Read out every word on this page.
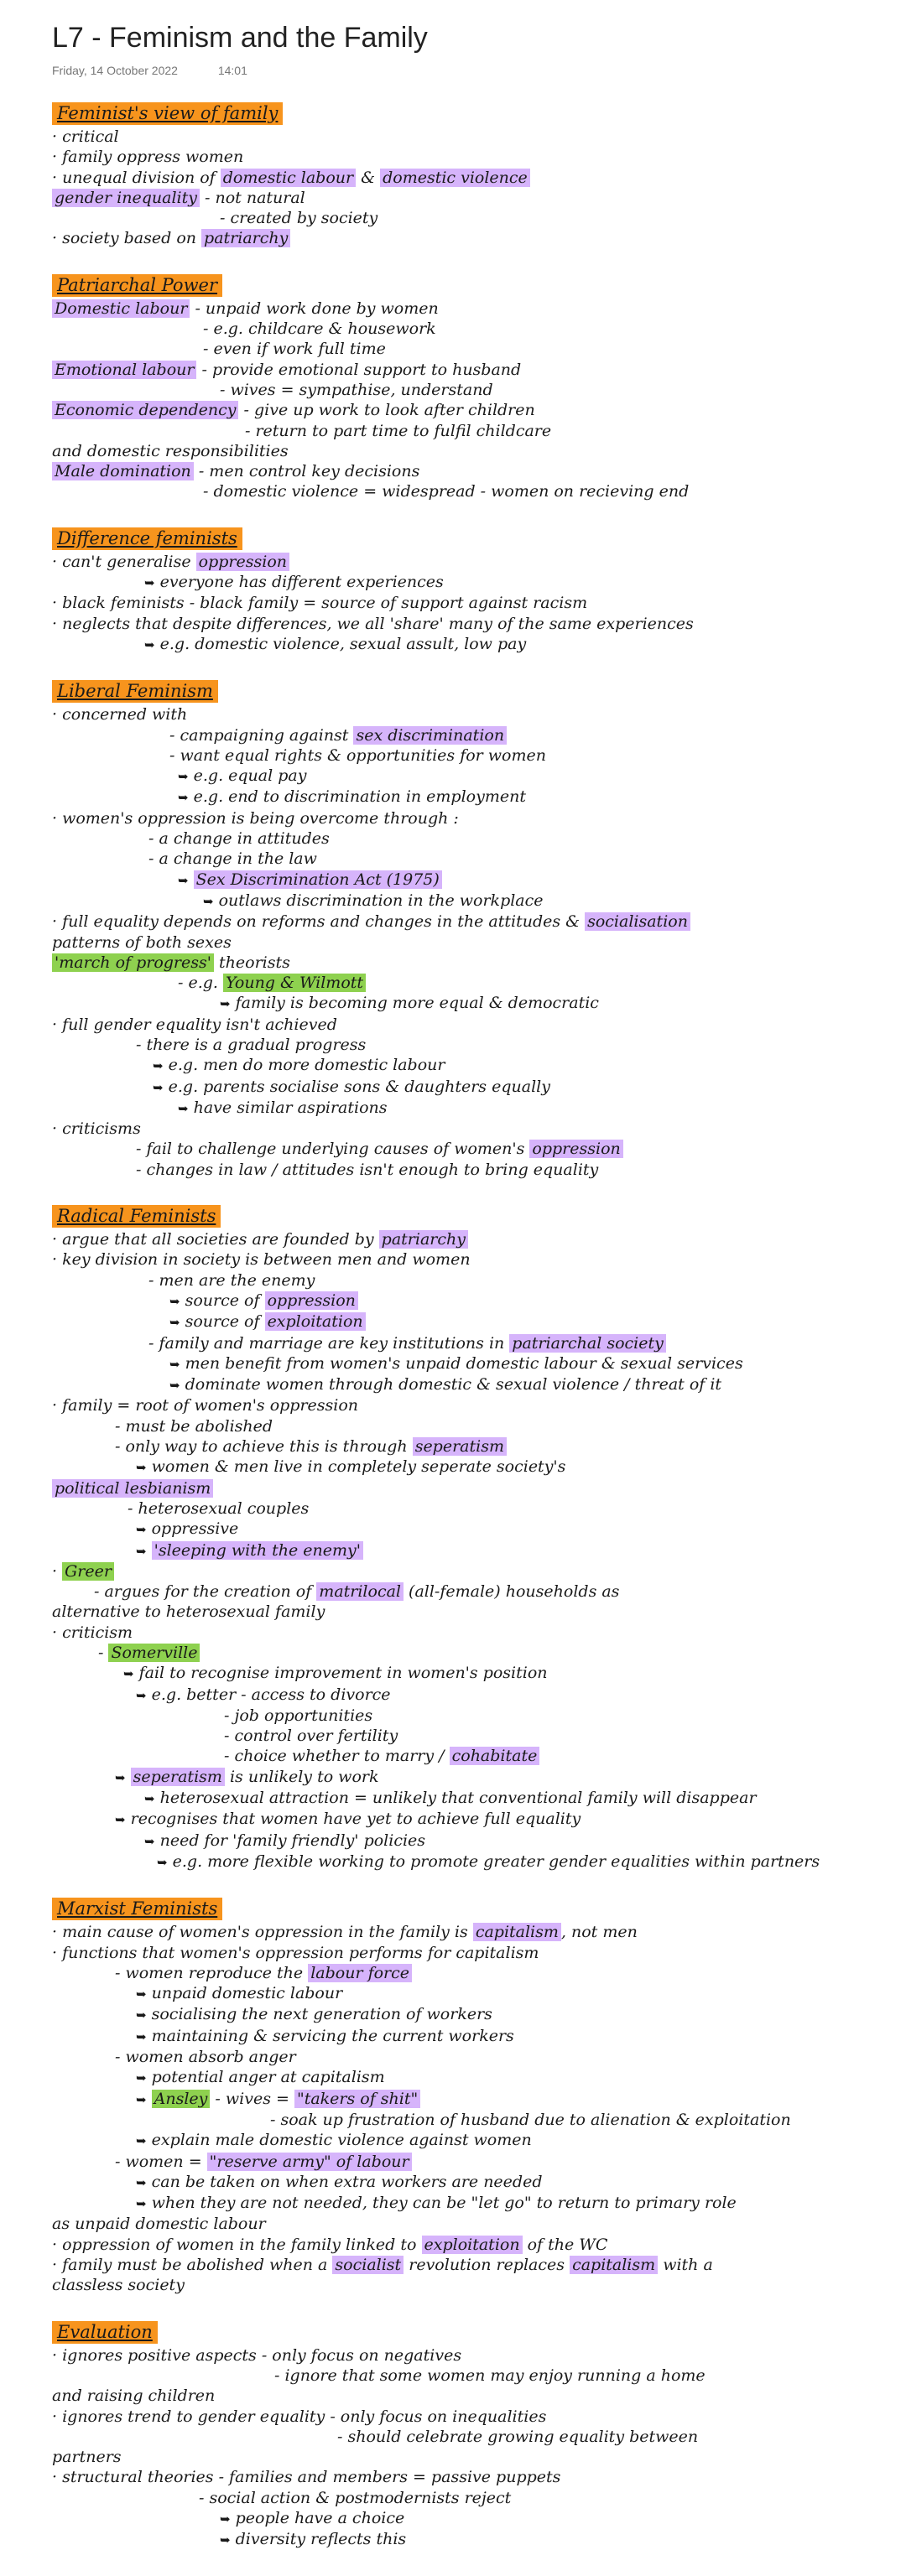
L7 - Feminism and the Family
Friday, 14 October 2022	14:01
Feminist's view of family
· critical
· family oppress women
· unequal division of domestic labour & domestic violence
gender inequality - not natural
- created by society
· society based on patriarchy
Patriarchal Power
Domestic labour - unpaid work done by women
- e.g. childcare & housework
- even if work full time
Emotional labour - provide emotional support to husband
- wives = sympathise, understand
Economic dependency - give up work to look after children
- return to part time to fulfil childcare
and domestic responsibilities
Male domination - men control key decisions
- domestic violence = widespread - women on recieving end
Difference feminists
· can't generalise oppression
➥ everyone has different experiences
· black feminists - black family = source of support against racism
· neglects that despite differences, we all 'share' many of the same experiences
➥ e.g. domestic violence, sexual assult, low pay
Liberal Feminism
· concerned with
- campaigning against sex discrimination
- want equal rights & opportunities for women
➥ e.g. equal pay
➥ e.g. end to discrimination in employment
· women's oppression is being overcome through :
- a change in attitudes
- a change in the law
➥ Sex Discrimination Act (1975)
➥ outlaws discrimination in the workplace
· full equality depends on reforms and changes in the attitudes & socialisation
patterns of both sexes
'march of progress' theorists
- e.g. Young & Wilmott
➥ family is becoming more equal & democratic
· full gender equality isn't achieved
- there is a gradual progress
➥ e.g. men do more domestic labour
➥ e.g. parents socialise sons & daughters equally
➥ have similar aspirations
· criticisms
- fail to challenge underlying causes of women's oppression
- changes in law / attitudes isn't enough to bring equality
Radical Feminists
· argue that all societies are founded by patriarchy
· key division in society is between men and women
- men are the enemy
➥ source of oppression
➥ source of exploitation
- family and marriage are key institutions in patriarchal society
➥ men benefit from women's unpaid domestic labour & sexual services
➥ dominate women through domestic & sexual violence / threat of it
· family = root of women's oppression
- must be abolished
- only way to achieve this is through seperatism
➥ women & men live in completely seperate society's
political lesbianism
- heterosexual couples
➥ oppressive
➥ 'sleeping with the enemy'
· Greer
- argues for the creation of matrilocal (all-female) households as
alternative to heterosexual family
· criticism
- Somerville
➥ fail to recognise improvement in women's position
➥ e.g. better - access to divorce
- job opportunities
- control over fertility
- choice whether to marry / cohabitate
➥ seperatism is unlikely to work
➥ heterosexual attraction = unlikely that conventional family will disappear
➥ recognises that women have yet to achieve full equality
➥ need for 'family friendly' policies
➥ e.g. more flexible working to promote greater gender equalities within partners
Marxist Feminists
· main cause of women's oppression in the family is capitalism , not men
· functions that women's oppression performs for capitalism
- women reproduce the labour force
➥ unpaid domestic labour
➥ socialising the next generation of workers
➥ maintaining & servicing the current workers
- women absorb anger
➥ potential anger at capitalism
➥ Ansley - wives = "takers of shit"
- soak up frustration of husband due to alienation & exploitation
➥ explain male domestic violence against women
- women = "reserve army" of labour
➥ can be taken on when extra workers are needed
➥ when they are not needed, they can be "let go" to return to primary role
as unpaid domestic labour
· oppression of women in the family linked to exploitation of the WC
· family must be abolished when a socialist revolution replaces capitalism with a
classless society
Evaluation
· ignores positive aspects - only focus on negatives
- ignore that some women may enjoy running a home
and raising children
· ignores trend to gender equality - only focus on inequalities
- should celebrate growing equality between
partners
· structural theories - families and members = passive puppets
- social action & postmodernists reject
➥ people have a choice
➥ diversity reflects this
